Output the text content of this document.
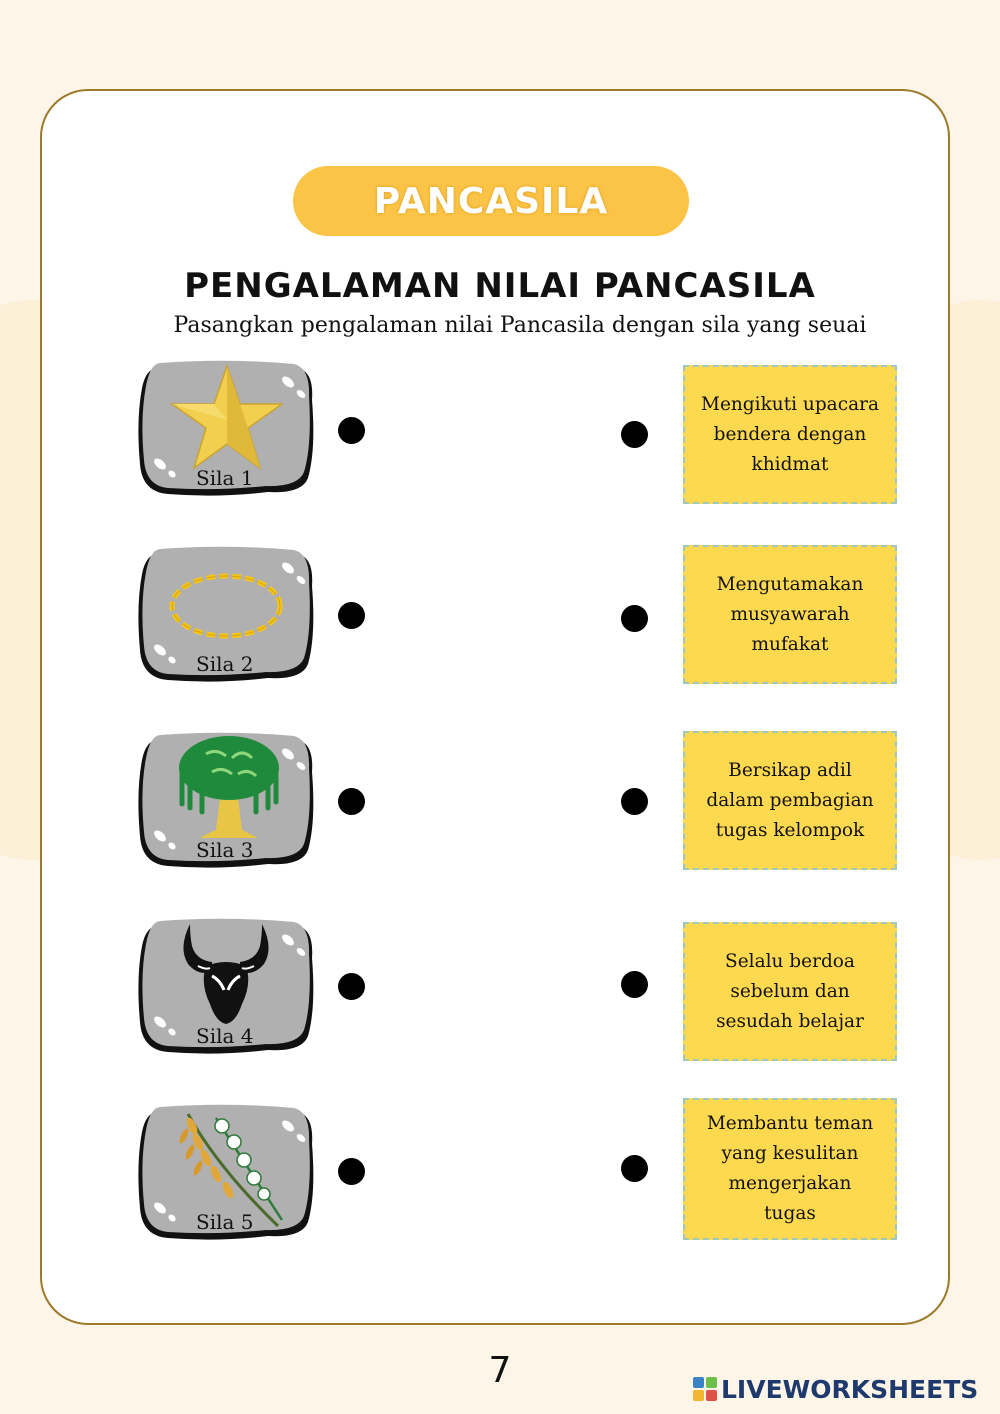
PANCASILA
PENGALAMAN NILAI PANCASILA
Pasangkan pengalaman nilai Pancasila dengan sila yang seuai
Sila 1
Sila 2
Sila 3
Sila 4
Sila 5
Mengikuti upacara
bendera dengan
khidmat
Mengutamakan
musyawarah
mufakat
Bersikap adil
dalam pembagian
tugas kelompok
Selalu berdoa
sebelum dan
sesudah belajar
Membantu teman
yang kesulitan
mengerjakan
tugas
7	LIVEWORKSHEETS
